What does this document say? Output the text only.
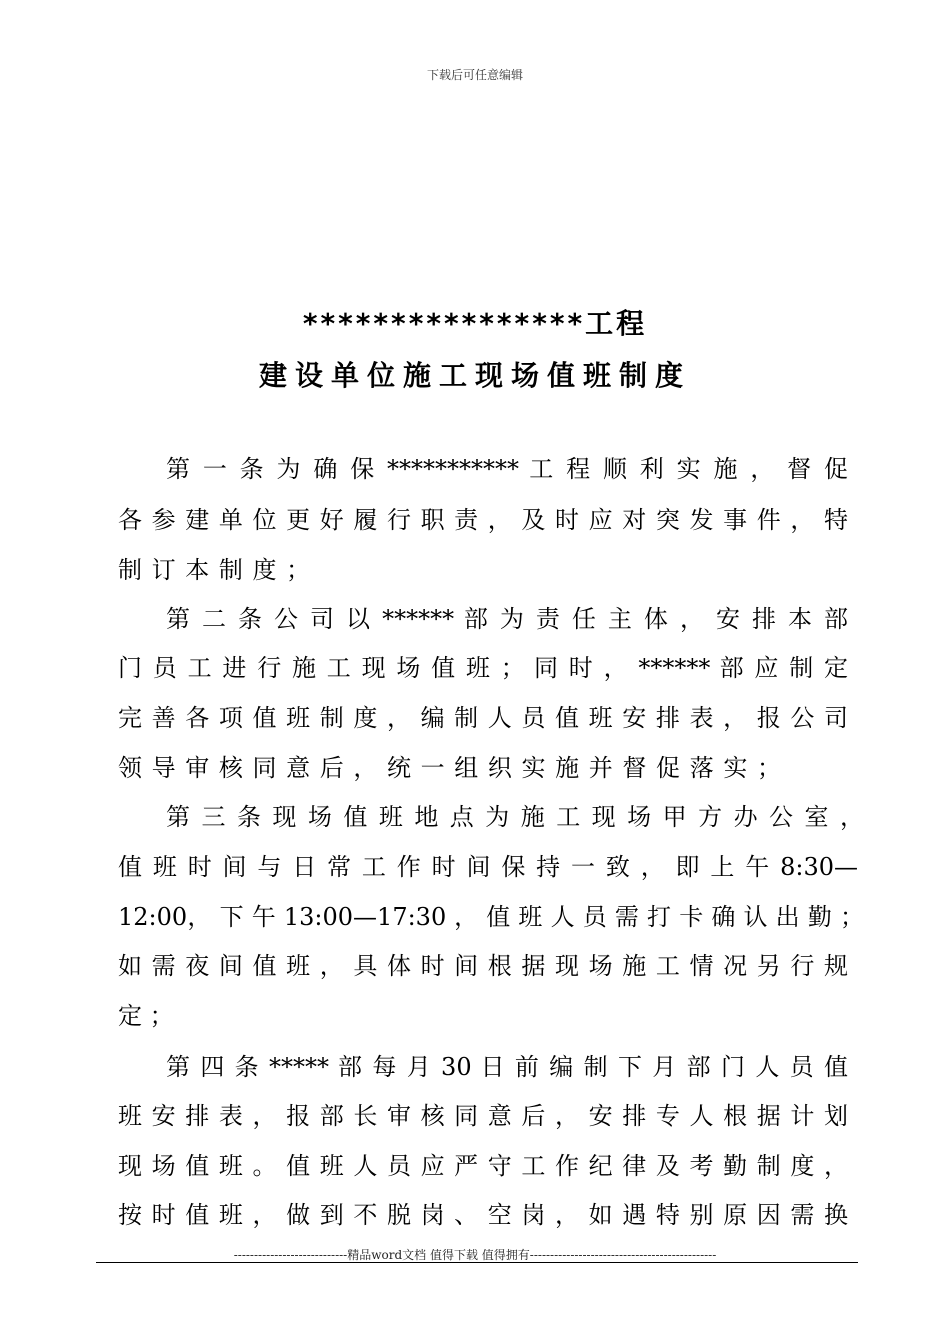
下载后可任意编辑
****************工程
建设单位施工现场值班制度
第 一 条 为 确 保 *********** 工 程 顺 利 实 施 ， 督 促
各 参 建 单 位 更 好 履 行 职 责 ， 及 时 应 对 突 发 事 件 ， 特
制 订 本 制 度 ；
第 二 条 公 司 以 ****** 部 为 责 任 主 体 ， 安 排 本 部
门 员 工 进 行 施 工 现 场 值 班 ； 同 时 ， ****** 部 应 制 定
完 善 各 项 值 班 制 度 ， 编 制 人 员 值 班 安 排 表 ， 报 公 司
领 导 审 核 同 意 后 ， 统 一 组 织 实 施 并 督 促 落 实 ；
第 三 条 现 场 值 班 地 点 为 施 工 现 场 甲 方 办 公 室 ，
值 班 时 间 与 日 常 工 作 时 间 保 持 一 致 ， 即 上 午 8:30—
12:00， 下 午 13:00—17:30 ， 值 班 人 员 需 打 卡 确 认 出 勤 ；
如 需 夜 间 值 班 ， 具 体 时 间 根 据 现 场 施 工 情 况 另 行 规
定 ；
第 四 条 ***** 部 每 月 30 日 前 编 制 下 月 部 门 人 员 值
班 安 排 表 ， 报 部 长 审 核 同 意 后 ， 安 排 专 人 根 据 计 划
现 场 值 班 。 值 班 人 员 应 严 守 工 作 纪 律 及 考 勤 制 度 ，
按 时 值 班 ， 做 到 不 脱 岗 、 空 岗 ， 如 遇 特 别 原 因 需 换
----------------------------精品word文档 值得下载 值得拥有----------------------------------------------
